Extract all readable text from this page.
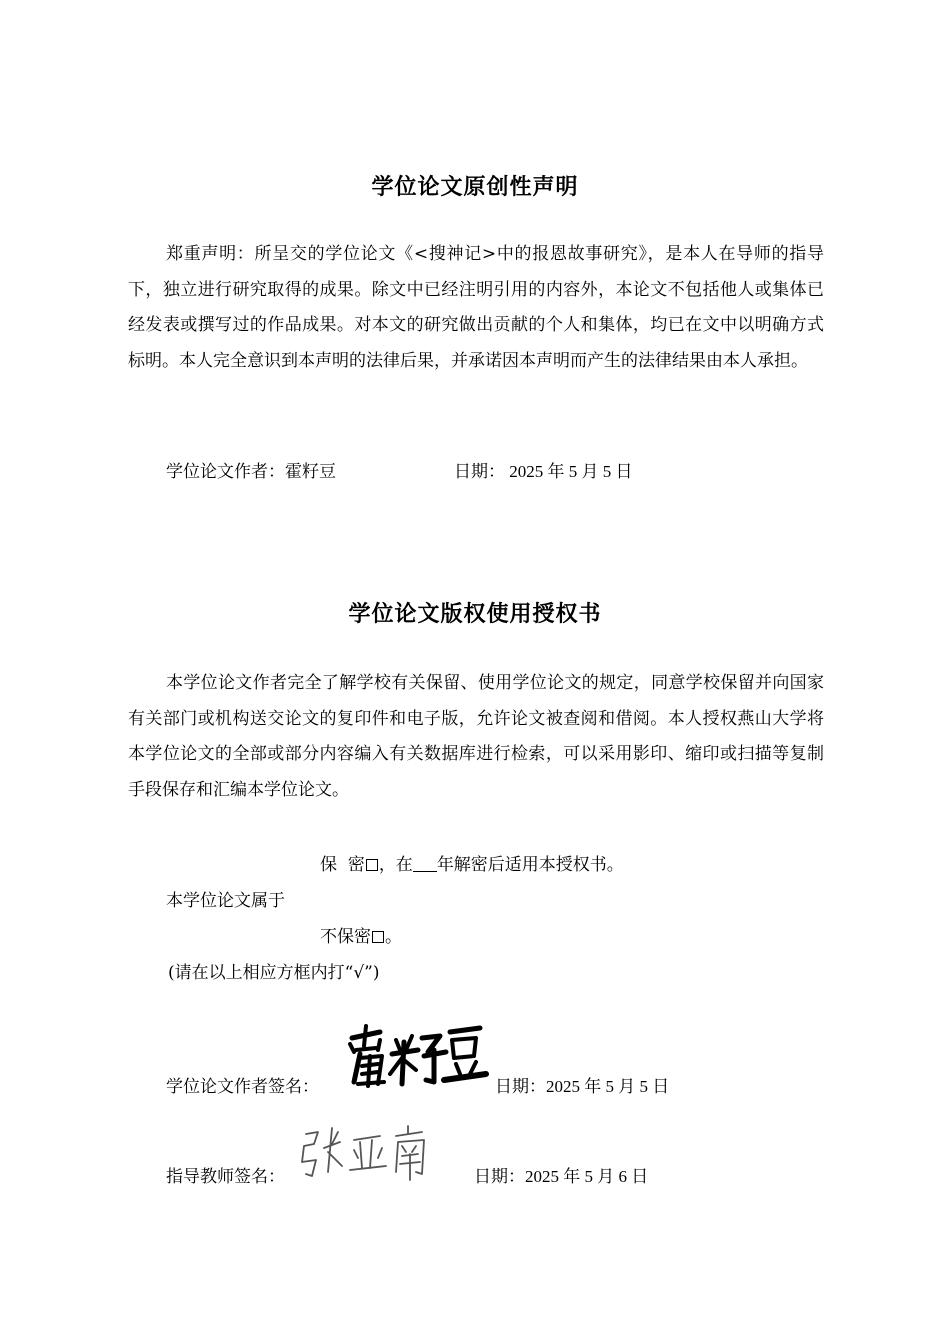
学位论文原创性声明

郑重声明：所呈交的学位论文《<搜神记>中的报恩故事研究》，是本人在导师的指导下，独立进行研究取得的成果。除文中已经注明引用的内容外，本论文不包括他人或集体已经发表或撰写过的作品成果。对本文的研究做出贡献的个人和集体，均已在文中以明确方式标明。本人完全意识到本声明的法律后果，并承诺因本声明而产生的法律结果由本人承担。

学位论文作者：霍籽豆	日期： 2025 年 5 月 5 日
学位论文版权使用授权书

本学位论文作者完全了解学校有关保留、使用学位论文的规定，同意学校保留并向国家有关部门或机构送交论文的复印件和电子版，允许论文被查阅和借阅。本人授权燕山大学将本学位论文的全部或部分内容编入有关数据库进行检索，可以采用影印、缩印或扫描等复制手段保存和汇编本学位论文。

保  密 ，在 年解密后适用本授权书。
本学位论文属于
不保密 。
(请在以上相应方框内打“√”)
学位论文作者签名：	日期：2025 年 5 月 5 日
指导教师签名：	日期：2025 年 5 月 6 日
